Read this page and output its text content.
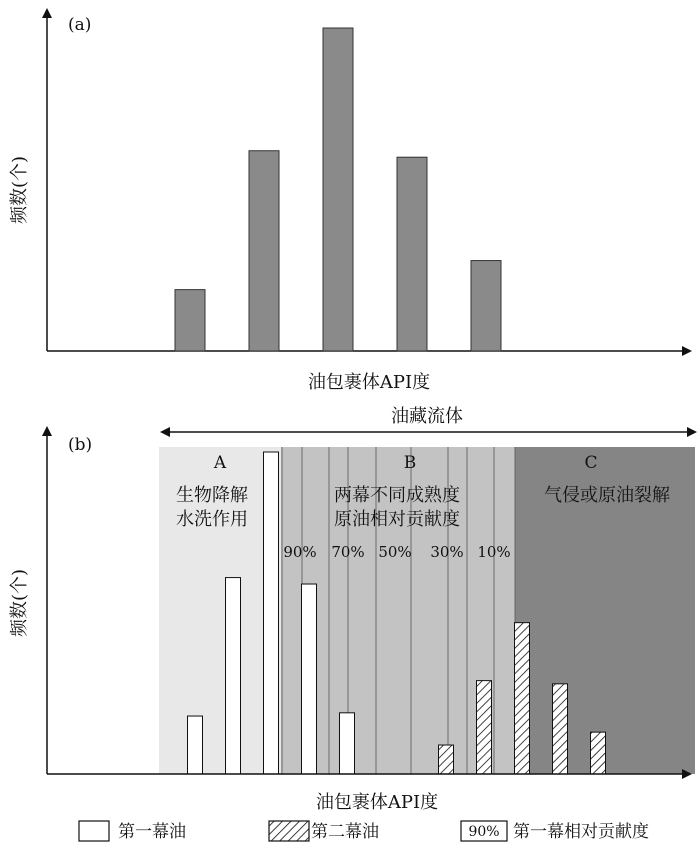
(a)
频数(个)
油包裹体API度
油藏流体
A
生物降解
水洗作用
B
两幕不同成熟度
原油相对贡献度
C
气侵或原油裂解
90% 70% 50% 30% 10%
(b)
频数(个)
油包裹体API度
第一幕油	第二幕油	90% 第一幕相对贡献度
